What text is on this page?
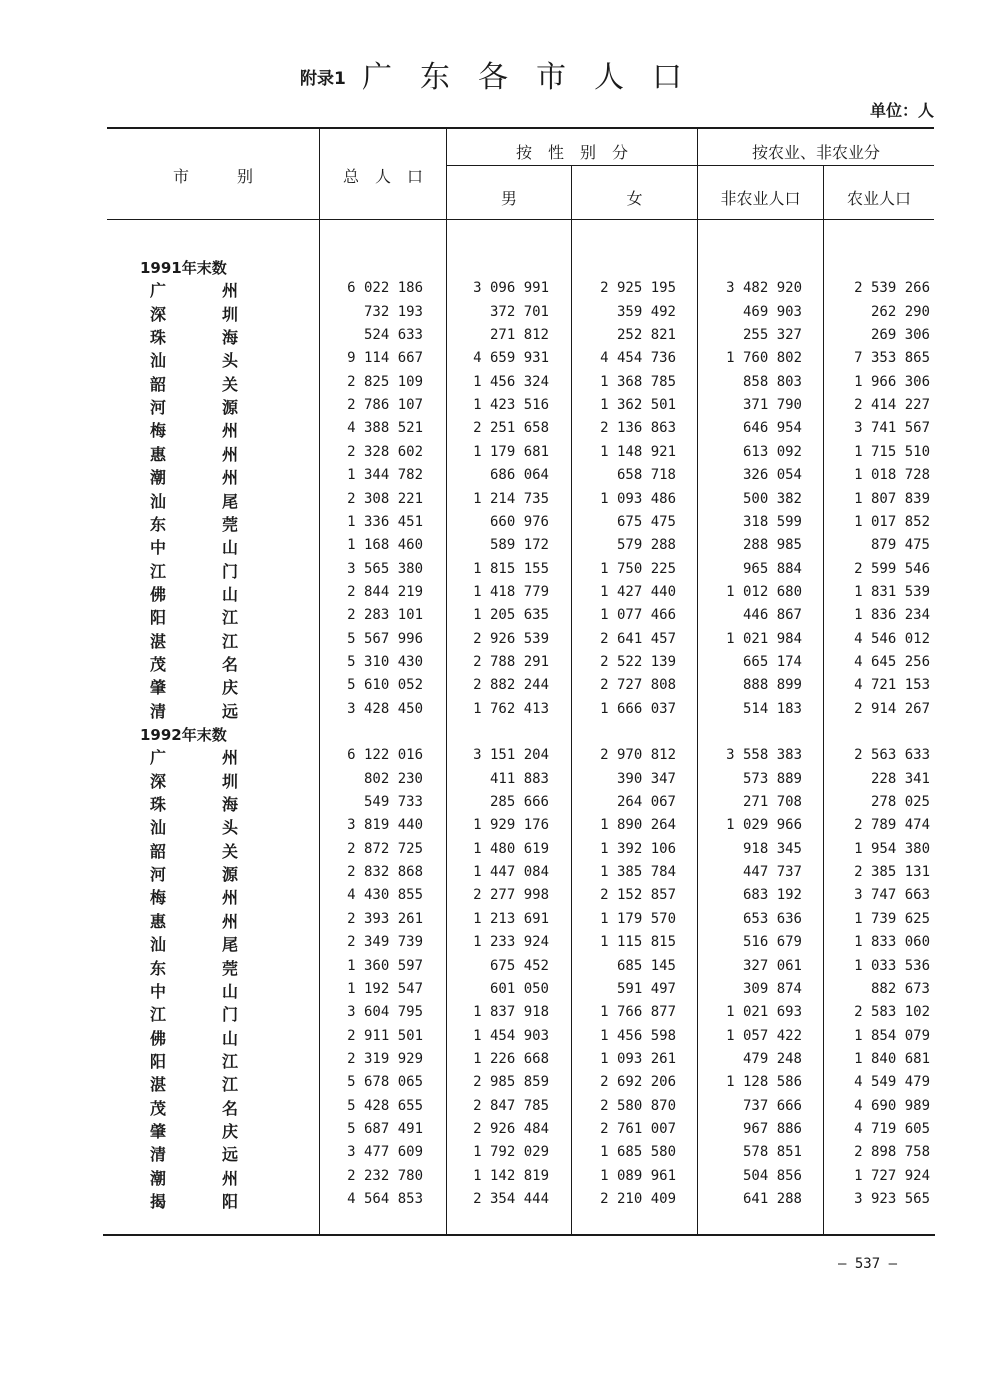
附录1 广东各市人口
单位：人
市　　　别	总　人　口
按　性　别　分
男	女
按农业、非农业分
非农业人口	农业人口
1991年末数
广	州	6 022 186	3 096 991	2 925 195	3 482 920	2 539 266
深	圳	732 193	372 701	359 492	469 903	262 290
珠	海	524 633	271 812	252 821	255 327	269 306
汕	头	9 114 667	4 659 931	4 454 736	1 760 802	7 353 865
韶	关	2 825 109	1 456 324	1 368 785	858 803	1 966 306
河	源	2 786 107	1 423 516	1 362 501	371 790	2 414 227
梅	州	4 388 521	2 251 658	2 136 863	646 954	3 741 567
惠	州	2 328 602	1 179 681	1 148 921	613 092	1 715 510
潮	州	1 344 782	686 064	658 718	326 054	1 018 728
汕	尾	2 308 221	1 214 735	1 093 486	500 382	1 807 839
东	莞	1 336 451	660 976	675 475	318 599	1 017 852
中	山	1 168 460	589 172	579 288	288 985	879 475
江	门	3 565 380	1 815 155	1 750 225	965 884	2 599 546
佛	山	2 844 219	1 418 779	1 427 440	1 012 680	1 831 539
阳	江	2 283 101	1 205 635	1 077 466	446 867	1 836 234
湛	江	5 567 996	2 926 539	2 641 457	1 021 984	4 546 012
茂	名	5 310 430	2 788 291	2 522 139	665 174	4 645 256
肇	庆	5 610 052	2 882 244	2 727 808	888 899	4 721 153
清	远	3 428 450	1 762 413	1 666 037	514 183	2 914 267
1992年末数
广	州	6 122 016	3 151 204	2 970 812	3 558 383	2 563 633
深	圳	802 230	411 883	390 347	573 889	228 341
珠	海	549 733	285 666	264 067	271 708	278 025
汕	头	3 819 440	1 929 176	1 890 264	1 029 966	2 789 474
韶	关	2 872 725	1 480 619	1 392 106	918 345	1 954 380
河	源	2 832 868	1 447 084	1 385 784	447 737	2 385 131
梅	州	4 430 855	2 277 998	2 152 857	683 192	3 747 663
惠	州	2 393 261	1 213 691	1 179 570	653 636	1 739 625
汕	尾	2 349 739	1 233 924	1 115 815	516 679	1 833 060
东	莞	1 360 597	675 452	685 145	327 061	1 033 536
中	山	1 192 547	601 050	591 497	309 874	882 673
江	门	3 604 795	1 837 918	1 766 877	1 021 693	2 583 102
佛	山	2 911 501	1 454 903	1 456 598	1 057 422	1 854 079
阳	江	2 319 929	1 226 668	1 093 261	479 248	1 840 681
湛	江	5 678 065	2 985 859	2 692 206	1 128 586	4 549 479
茂	名	5 428 655	2 847 785	2 580 870	737 666	4 690 989
肇	庆	5 687 491	2 926 484	2 761 007	967 886	4 719 605
清	远	3 477 609	1 792 029	1 685 580	578 851	2 898 758
潮	州	2 232 780	1 142 819	1 089 961	504 856	1 727 924
揭	阳	4 564 853	2 354 444	2 210 409	641 288	3 923 565
— 537 —
